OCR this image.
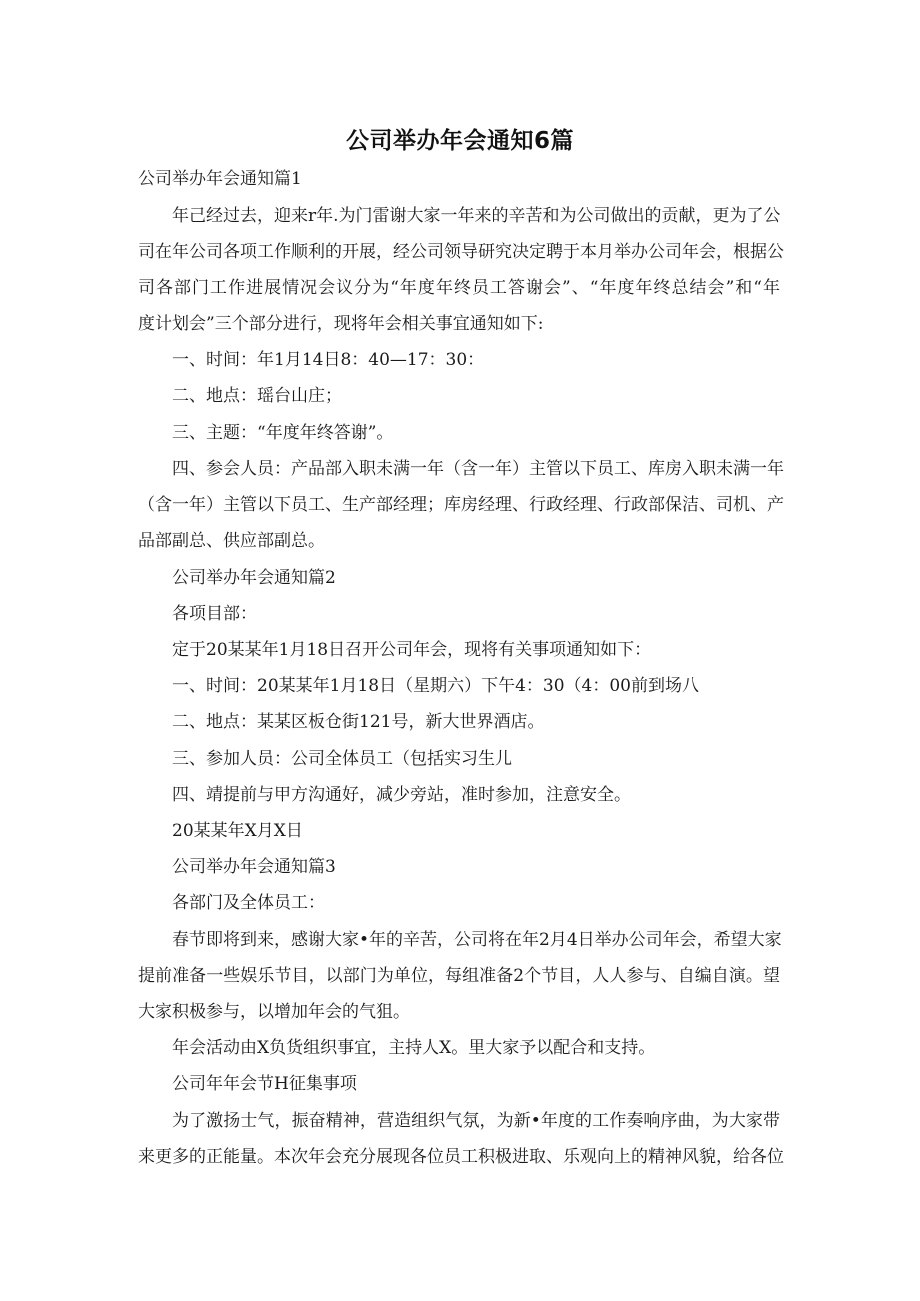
公司举办年会通知6篇
公司举办年会通知篇1
年己经过去，迎来r年.为门雷谢大家一年来的辛苦和为公司做出的贡献，更为了公
司在年公司各项工作顺利的开展，经公司领导研究决定聘于本月举办公司年会，根据公
司各部门工作进展情况会议分为“年度年终员工答谢会”、“年度年终总结会”和“年
度计划会”三个部分进行，现将年会相关事宜通知如下:
一、时间：年1月14日8：40—17：30：
二、地点：瑶台山庄；
三、主题：“年度年终答谢”。
四、参会人员：产品部入职未满一年（含一年）主管以下员工、库房入职未满一年
（含一年）主管以下员工、生产部经理；库房经理、行政经理、行政部保洁、司机、产
品部副总、供应部副总。
公司举办年会通知篇2
各项目部：
定于20某某年1月18日召开公司年会，现将有关事项通知如下：
一、时间：20某某年1月18日（星期六）下午4：30（4：00前到场八
二、地点：某某区板仓街121号，新大世界酒店。
三、参加人员：公司全体员工（包括实习生儿
四、靖提前与甲方沟通好，减少旁站，准时参加，注意安全。
20某某年X月X日
公司举办年会通知篇3
各部门及全体员工：
春节即将到来，感谢大家•年的辛苦，公司将在年2月4日举办公司年会，希望大家
提前准备一些娱乐节目，以部门为单位，每组准备2个节目，人人参与、自编自演。望
大家积极参与，以增加年会的气狙。
年会活动由X负货组织事宜，主持人X。里大家予以配合和支持。
公司年年会节H征集事项
为了激扬士气，振奋精神，营造组织气氛，为新•年度的工作奏响序曲，为大家带
来更多的正能量。本次年会充分展现各位员工积极进取、乐观向上的精神风貌，给各位
